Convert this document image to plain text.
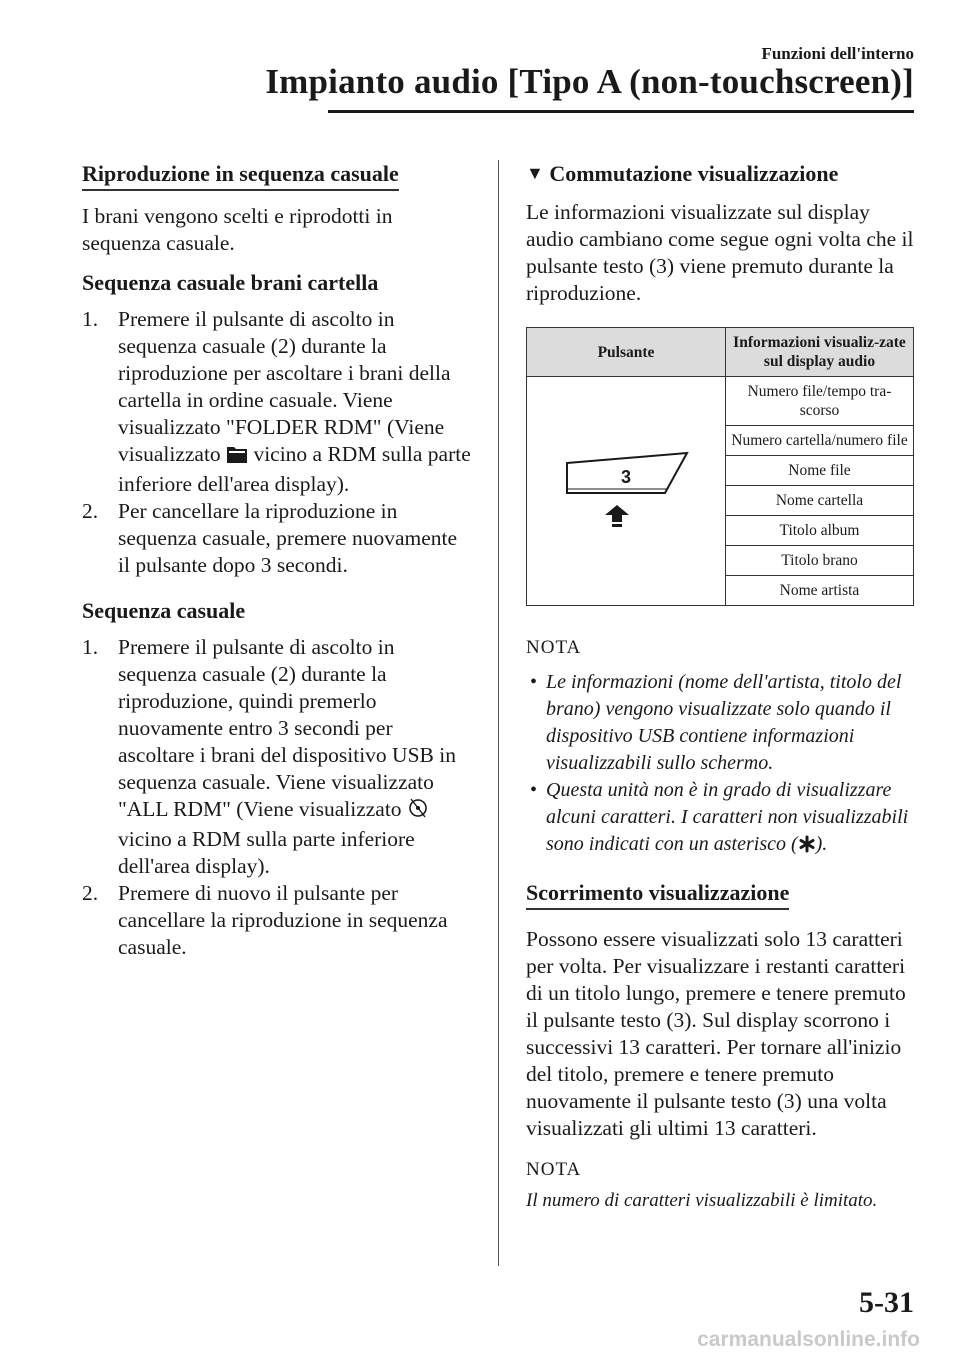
Funzioni dell'interno
Impianto audio [Tipo A (non-touchscreen)]

Riproduzione in sequenza casuale

I brani vengono scelti e riprodotti in sequenza casuale.

Sequenza casuale brani cartella

1. Premere il pulsante di ascolto in sequenza casuale (2) durante la riproduzione per ascoltare i brani della cartella in ordine casuale. Viene visualizzato "FOLDER RDM" (Viene visualizzato  vicino a RDM sulla parte inferiore dell'area display).
2. Per cancellare la riproduzione in sequenza casuale, premere nuovamente il pulsante dopo 3 secondi.

Sequenza casuale

1. Premere il pulsante di ascolto in sequenza casuale (2) durante la riproduzione, quindi premerlo nuovamente entro 3 secondi per ascoltare i brani del dispositivo USB in sequenza casuale. Viene visualizzato "ALL RDM" (Viene visualizzato  vicino a RDM sulla parte inferiore dell'area display).
2. Premere di nuovo il pulsante per cancellare la riproduzione in sequenza casuale.

▼ Commutazione visualizzazione

Le informazioni visualizzate sul display audio cambiano come segue ogni volta che il pulsante testo (3) viene premuto durante la riproduzione.

Pulsante	Informazioni visualiz-zate sul display audio

3	Numero file/tempo tra-scorso
	Numero cartella/numero file
	Nome file
	Nome cartella
	Titolo album
	Titolo brano
	Nome artista

NOTA

• Le informazioni (nome dell'artista, titolo del brano) vengono visualizzate solo quando il dispositivo USB contiene informazioni visualizzabili sullo schermo.
• Questa unità non è in grado di visualizzare alcuni caratteri. I caratteri non visualizzabili sono indicati con un asterisco ( ).

Scorrimento visualizzazione

Possono essere visualizzati solo 13 caratteri per volta. Per visualizzare i restanti caratteri di un titolo lungo, premere e tenere premuto il pulsante testo (3). Sul display scorrono i successivi 13 caratteri. Per tornare all'inizio del titolo, premere e tenere premuto nuovamente il pulsante testo (3) una volta visualizzati gli ultimi 13 caratteri.

NOTA

Il numero di caratteri visualizzabili è limitato.

5-31
carmanualsonline.info
